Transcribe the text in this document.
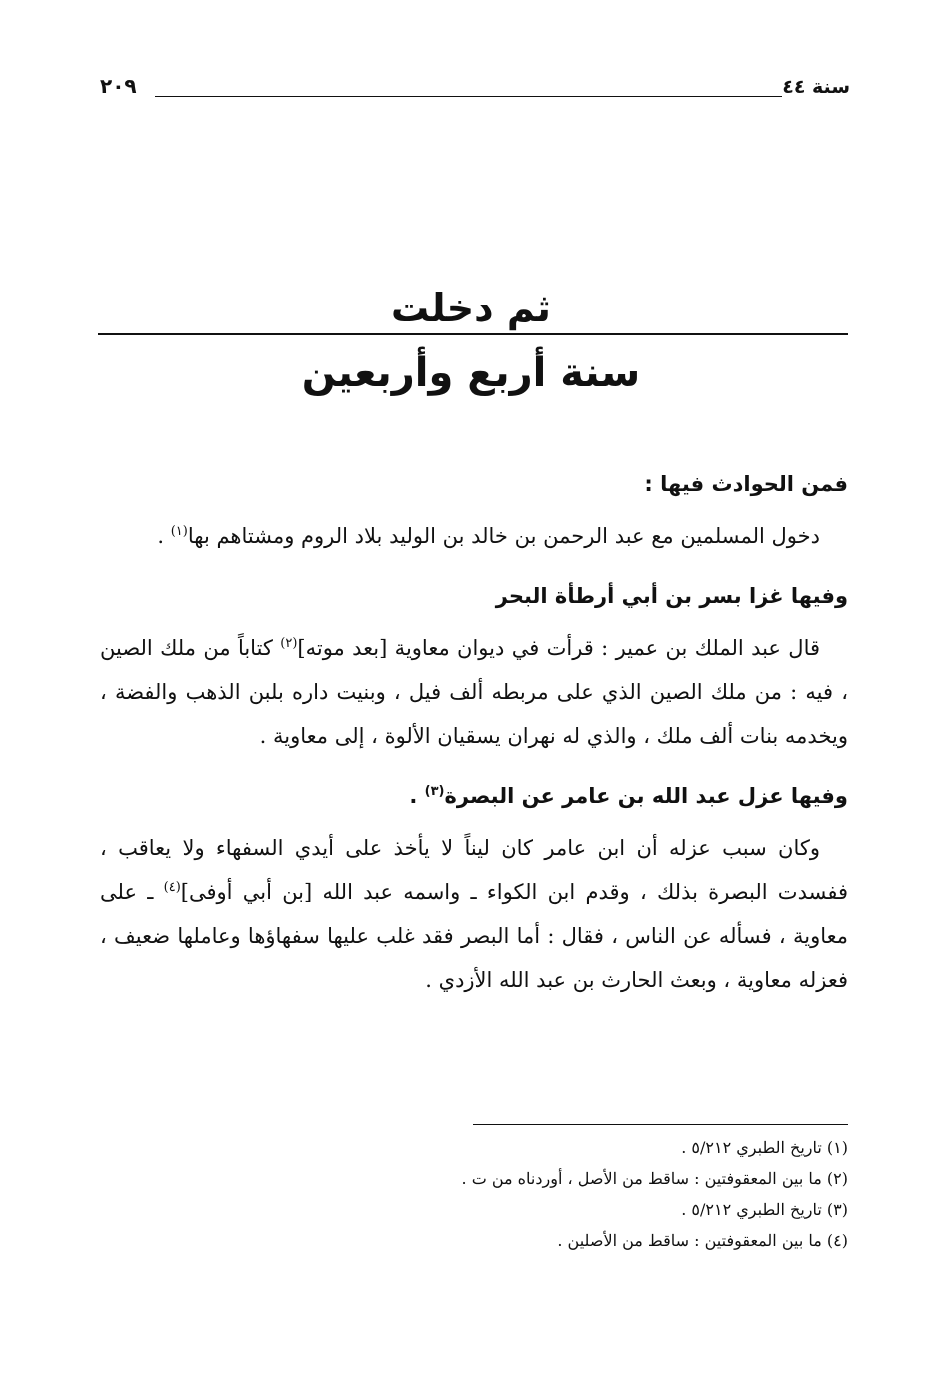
سنة ٤٤
٢٠٩
ثم دخلت
سنة أربع وأربعين

فمن الحوادث فيها :

دخول المسلمين مع عبد الرحمن بن خالد بن الوليد بلاد الروم ومشتاهم بها$^{(١)}$ .

وفيها غزا بسر بن أبي أرطأة البحر

قال عبد الملك بن عمير : قرأت في ديوان معاوية [بعد موته]$^{(٢)}$ كتاباً من ملك الصين ، فيه : من ملك الصين الذي على مربطه ألف فيل ، وبنيت داره بلبن الذهب والفضة ، ويخدمه بنات ألف ملك ، والذي له نهران يسقيان الألوة ، إلى معاوية .

وفيها عزل عبد الله بن عامر عن البصرة$^{(٣)}$ .

وكان سبب عزله أن ابن عامر كان ليناً لا يأخذ على أيدي السفهاء ولا يعاقب ، ففسدت البصرة بذلك ، وقدم ابن الكواء ـ واسمه عبد الله [بن أبي أوفى]$^{(٤)}$ ـ على معاوية ، فسأله عن الناس ، فقال : أما البصر فقد غلب عليها سفهاؤها وعاملها ضعيف ، فعزله معاوية ، وبعث الحارث بن عبد الله الأزدي .

(١) تاريخ الطبري ٥/٢١٢ .

(٢) ما بين المعقوفتين : ساقط من الأصل ، أوردناه من ت .

(٣) تاريخ الطبري ٥/٢١٢ .

(٤) ما بين المعقوفتين : ساقط من الأصلين .
